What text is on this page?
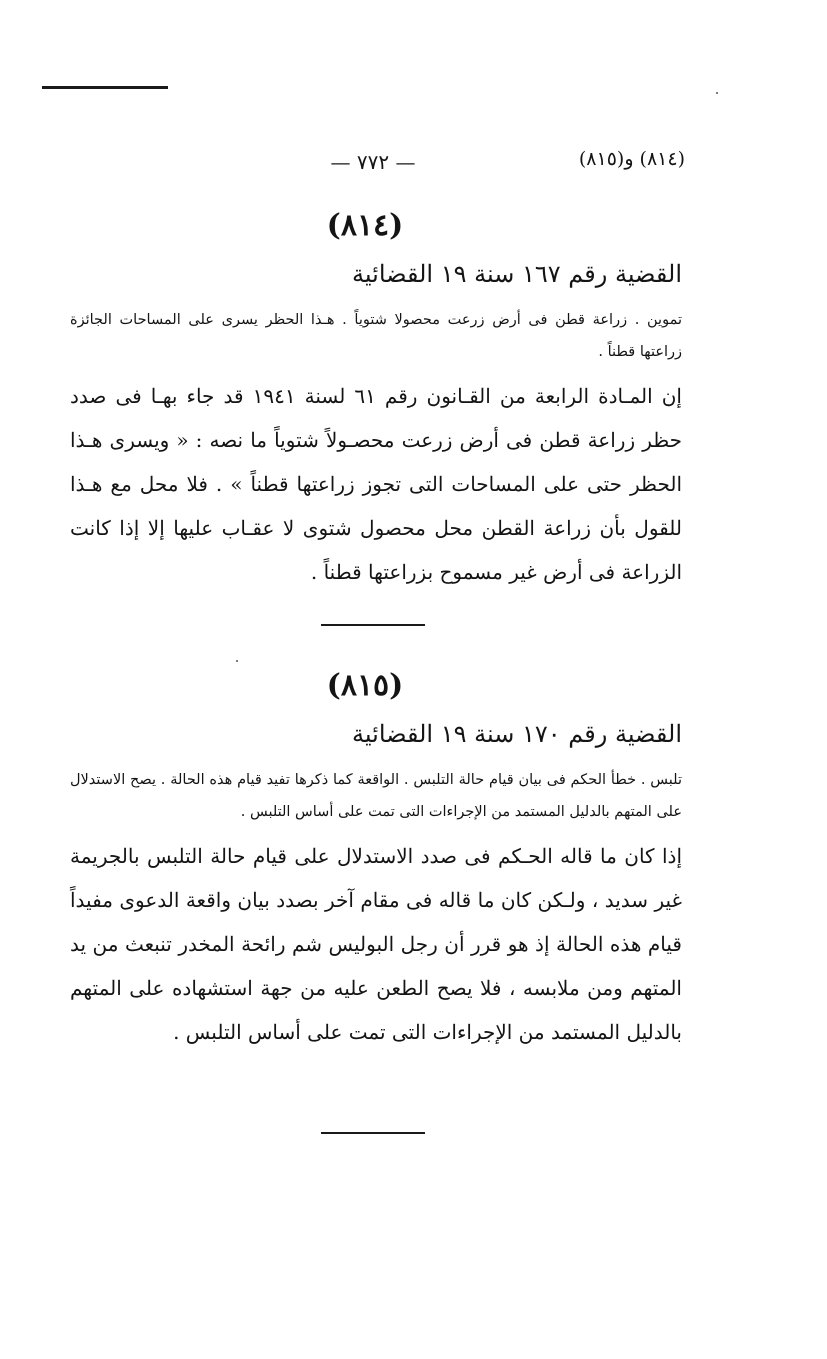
— ٧٧٢ —	(٨١٤) و(٨١٥)
(٨١٤)
القضية رقم ١٦٧ سنة ١٩ القضائية
تموين . زراعة قطن فى أرض زرعت محصولا شتوياً . هـذا الحظر يسرى على المساحات الجائزة زراعتها قطناً .
إن المـادة الرابعة من القـانون رقم ٦١ لسنة ١٩٤١ قد جاء بهـا فى صدد حظر زراعة قطن فى أرض زرعت محصـولاً شتوياً ما نصه : « ويسرى هـذا الحظر حتى على المساحات التى تجوز زراعتها قطناً » . فلا محل مع هـذا للقول بأن زراعة القطن محل محصول شتوى لا عقـاب عليها إلا إذا كانت الزراعة فى أرض غير مسموح بزراعتها قطناً .
(٨١٥)
القضية رقم ١٧٠ سنة ١٩ القضائية
تلبس . خطأ الحكم فى بيان قيام حالة التلبس . الواقعة كما ذكرها تفيد قيام هذه الحالة . يصح الاستدلال على المتهم بالدليل المستمد من الإجراءات التى تمت على أساس التلبس .
إذا كان ما قاله الحـكم فى صدد الاستدلال على قيام حالة التلبس بالجريمة غير سديد ، ولـكن كان ما قاله فى مقام آخر بصدد بيان واقعة الدعوى مفيداً قيام هذه الحالة إذ هو قرر أن رجل البوليس شم رائحة المخدر تنبعث من يد المتهم ومن ملابسه ، فلا يصح الطعن عليه من جهة استشهاده على المتهم بالدليل المستمد من الإجراءات التى تمت على أساس التلبس .
